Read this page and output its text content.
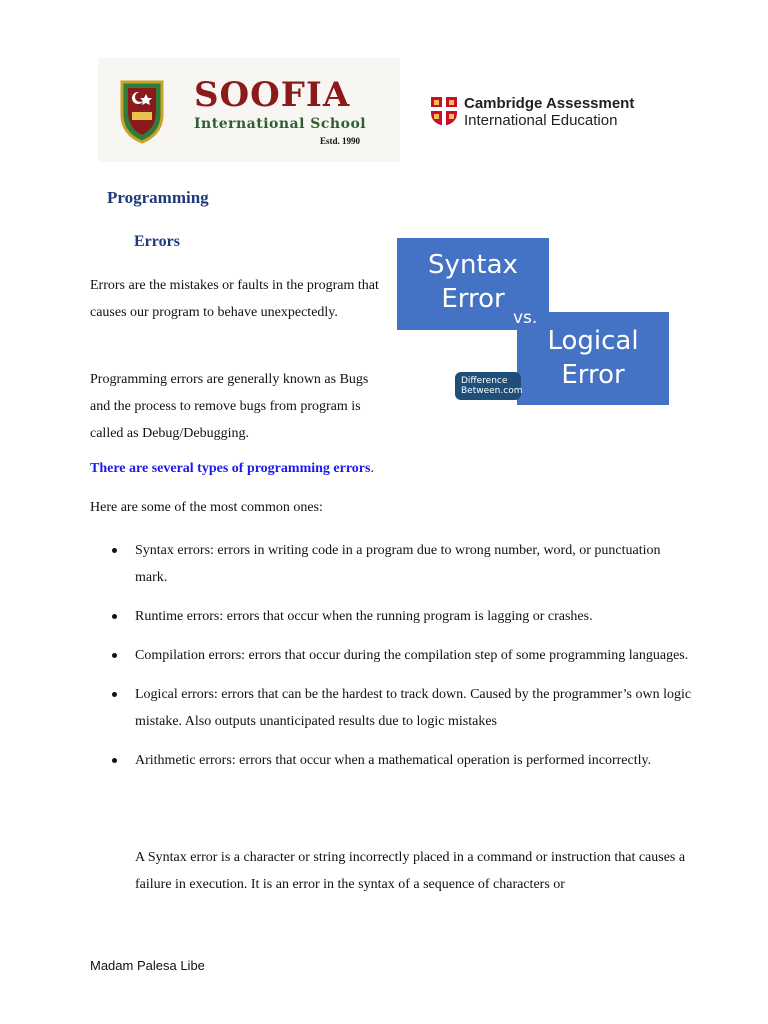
SOOFIA
International School
Estd. 1990
Cambridge Assessment
International Education
Programming
Errors

Errors are the mistakes or faults in the program that causes our program to behave unexpectedly.

Programming errors are generally known as Bugs and the process to remove bugs from program is called as Debug/Debugging.

There are several types of programming errors.
Here are some of the most common ones:
Syntax
Error
Logical
Error
vs.
Difference
Between.com
Syntax errors: errors in writing code in a program due to wrong number, word, or punctuation mark.
Runtime errors: errors that occur when the running program is lagging or crashes.
Compilation errors: errors that occur during the compilation step of some programming languages.
Logical errors: errors that can be the hardest to track down. Caused by the programmer’s own logic mistake. Also outputs unanticipated results due to logic mistakes
Arithmetic errors: errors that occur when a mathematical operation is performed incorrectly.

A Syntax error is a character or string incorrectly placed in a command or instruction that causes a failure in execution. It is an error in the syntax of a sequence of characters or

Madam Palesa Libe
